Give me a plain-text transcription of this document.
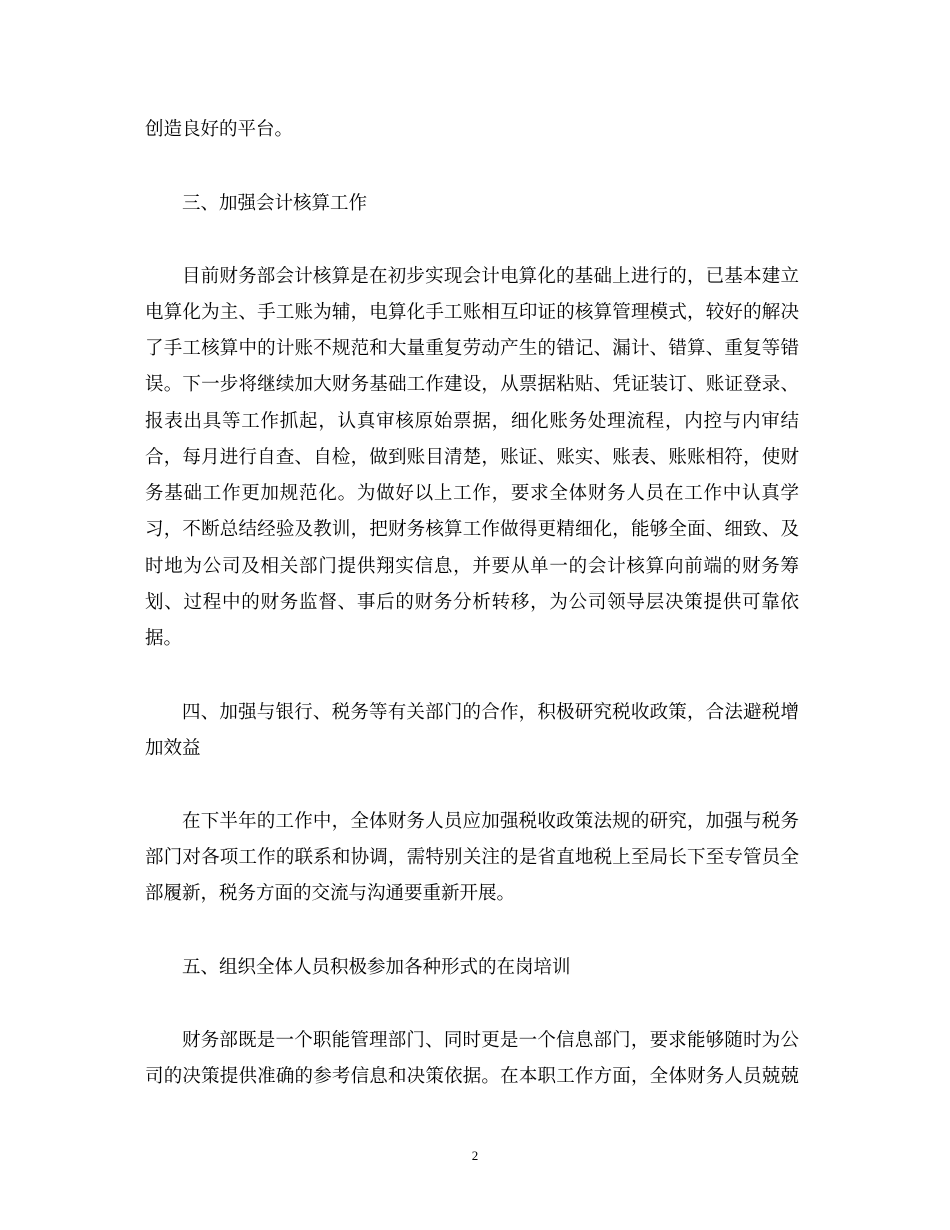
创造良好的平台。
三、加强会计核算工作
目前财务部会计核算是在初步实现会计电算化的基础上进行的，已基本建立
电算化为主、手工账为辅，电算化手工账相互印证的核算管理模式，较好的解决
了手工核算中的计账不规范和大量重复劳动产生的错记、漏计、错算、重复等错
误。下一步将继续加大财务基础工作建设，从票据粘贴、凭证装订、账证登录、
报表出具等工作抓起，认真审核原始票据，细化账务处理流程，内控与内审结
合，每月进行自查、自检，做到账目清楚，账证、账实、账表、账账相符，使财
务基础工作更加规范化。为做好以上工作，要求全体财务人员在工作中认真学
习，不断总结经验及教训，把财务核算工作做得更精细化，能够全面、细致、及
时地为公司及相关部门提供翔实信息，并要从单一的会计核算向前端的财务筹
划、过程中的财务监督、事后的财务分析转移，为公司领导层决策提供可靠依
据。
四、加强与银行、税务等有关部门的合作，积极研究税收政策，合法避税增
加效益
在下半年的工作中，全体财务人员应加强税收政策法规的研究，加强与税务
部门对各项工作的联系和协调，需特别关注的是省直地税上至局长下至专管员全
部履新，税务方面的交流与沟通要重新开展。
五、组织全体人员积极参加各种形式的在岗培训
财务部既是一个职能管理部门、同时更是一个信息部门，要求能够随时为公
司的决策提供准确的参考信息和决策依据。在本职工作方面，全体财务人员兢兢
2
